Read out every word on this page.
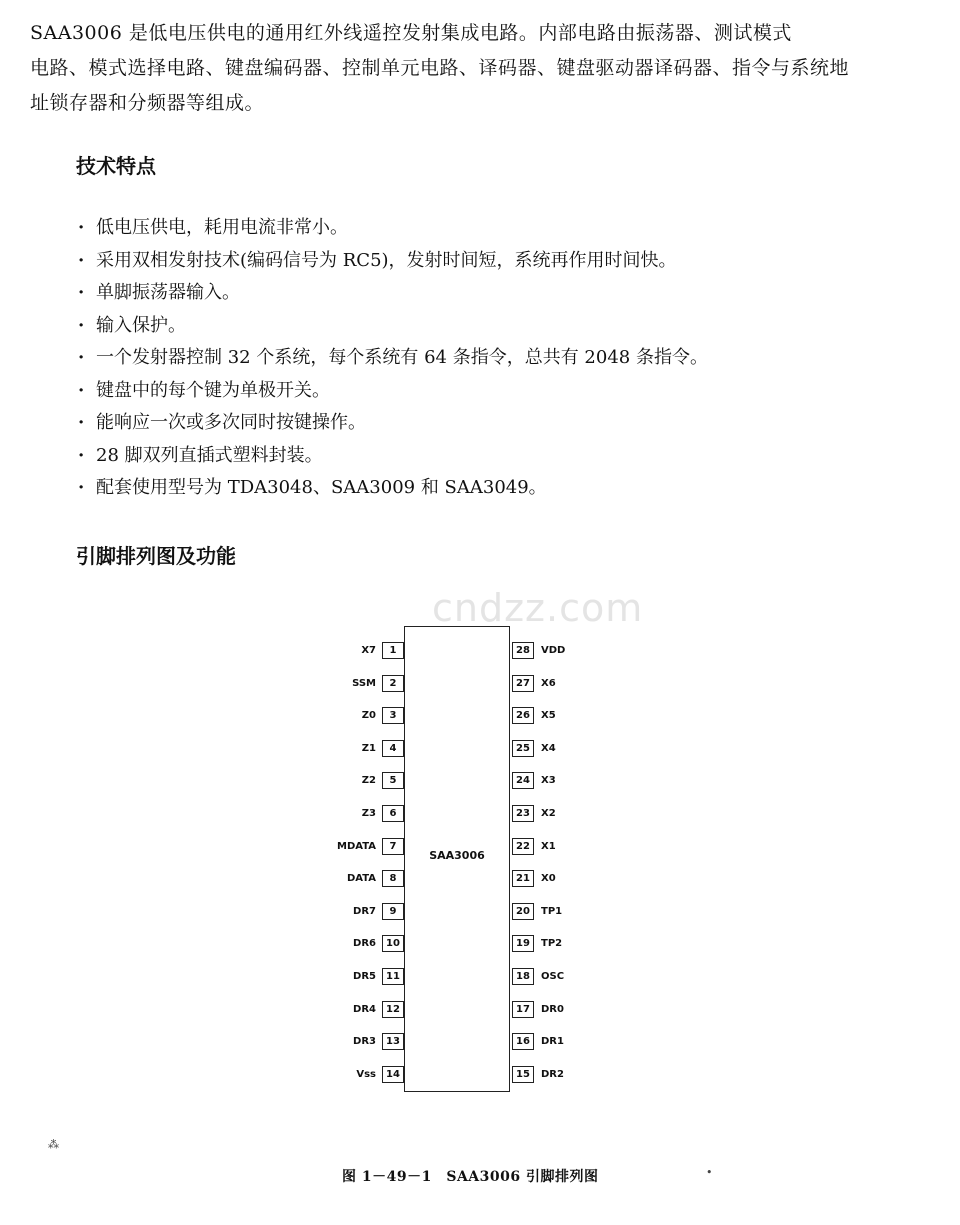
SAA3006 是低电压供电的通用红外线遥控发射集成电路。内部电路由振荡器、测试模式

电路、模式选择电路、键盘编码器、控制单元电路、译码器、键盘驱动器译码器、指令与系统地

址锁存器和分频器等组成。

技术特点
· 低电压供电，耗用电流非常小。
· 采用双相发射技术(编码信号为 RC5)，发射时间短，系统再作用时间快。
· 单脚振荡器输入。
· 输入保护。
· 一个发射器控制 32 个系统，每个系统有 64 条指令，总共有 2048 条指令。
· 键盘中的每个键为单极开关。
· 能响应一次或多次同时按键操作。
· 28 脚双列直插式塑料封装。
· 配套使用型号为 TDA3048、SAA3009 和 SAA3049。
引脚排列图及功能
cndzz.com
SAA3006
X7	1
SSM	2
Z0	3
Z1	4
Z2	5
Z3	6
MDATA	7
DATA	8
DR7	9
DR6	10
DR5	11
DR4	12
DR3	13
Vss	14
VDD
28
X6
27
X5
26
X4
25
X3
24
X2
23
X1
22
X0
21
TP1
20
TP2
19
OSC
18
DR0
17
DR1
16
DR2
15
图 1－49－1　SAA3006 引脚排列图
⁂
•
